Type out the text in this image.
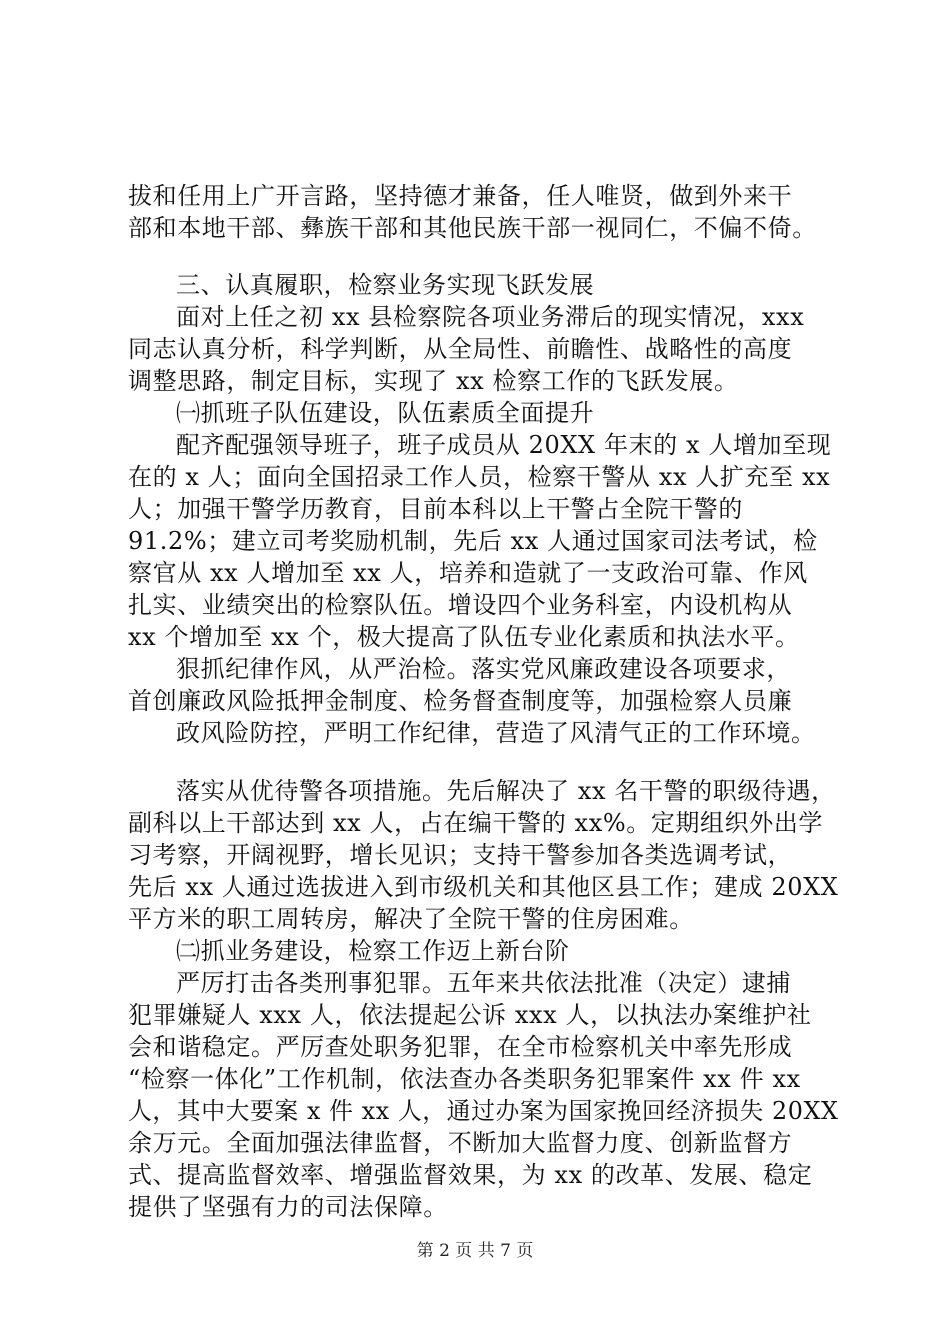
拔和任用上广开言路，坚持德才兼备，任人唯贤，做到外来干
部和本地干部、彝族干部和其他民族干部一视同仁，不偏不倚。
三、认真履职，检察业务实现飞跃发展
面对上任之初 xx 县检察院各项业务滞后的现实情况，xxx
同志认真分析，科学判断，从全局性、前瞻性、战略性的高度
调整思路，制定目标，实现了 xx 检察工作的飞跃发展。
㈠抓班子队伍建设，队伍素质全面提升
配齐配强领导班子，班子成员从 20XX 年末的 x 人增加至现
在的 x 人；面向全国招录工作人员，检察干警从 xx 人扩充至 xx
人；加强干警学历教育，目前本科以上干警占全院干警的
91.2%；建立司考奖励机制，先后 xx 人通过国家司法考试，检
察官从 xx 人增加至 xx 人，培养和造就了一支政治可靠、作风
扎实、业绩突出的检察队伍。增设四个业务科室，内设机构从
xx 个增加至 xx 个，极大提高了队伍专业化素质和执法水平。
狠抓纪律作风，从严治检。落实党风廉政建设各项要求，
首创廉政风险抵押金制度、检务督查制度等，加强检察人员廉
政风险防控，严明工作纪律，营造了风清气正的工作环境。
落实从优待警各项措施。先后解决了 xx 名干警的职级待遇，
副科以上干部达到 xx 人，占在编干警的 xx%。定期组织外出学
习考察，开阔视野，增长见识；支持干警参加各类选调考试，
先后 xx 人通过选拔进入到市级机关和其他区县工作；建成 20XX
平方米的职工周转房，解决了全院干警的住房困难。
㈡抓业务建设，检察工作迈上新台阶
严厉打击各类刑事犯罪。五年来共依法批准（决定）逮捕
犯罪嫌疑人 xxx 人，依法提起公诉 xxx 人，以执法办案维护社
会和谐稳定。严厉查处职务犯罪，在全市检察机关中率先形成
“检察一体化”工作机制，依法查办各类职务犯罪案件 xx 件 xx
人，其中大要案 x 件 xx 人，通过办案为国家挽回经济损失 20XX
余万元。全面加强法律监督，不断加大监督力度、创新监督方
式、提高监督效率、增强监督效果，为 xx 的改革、发展、稳定
提供了坚强有力的司法保障。
第 2 页 共 7 页
